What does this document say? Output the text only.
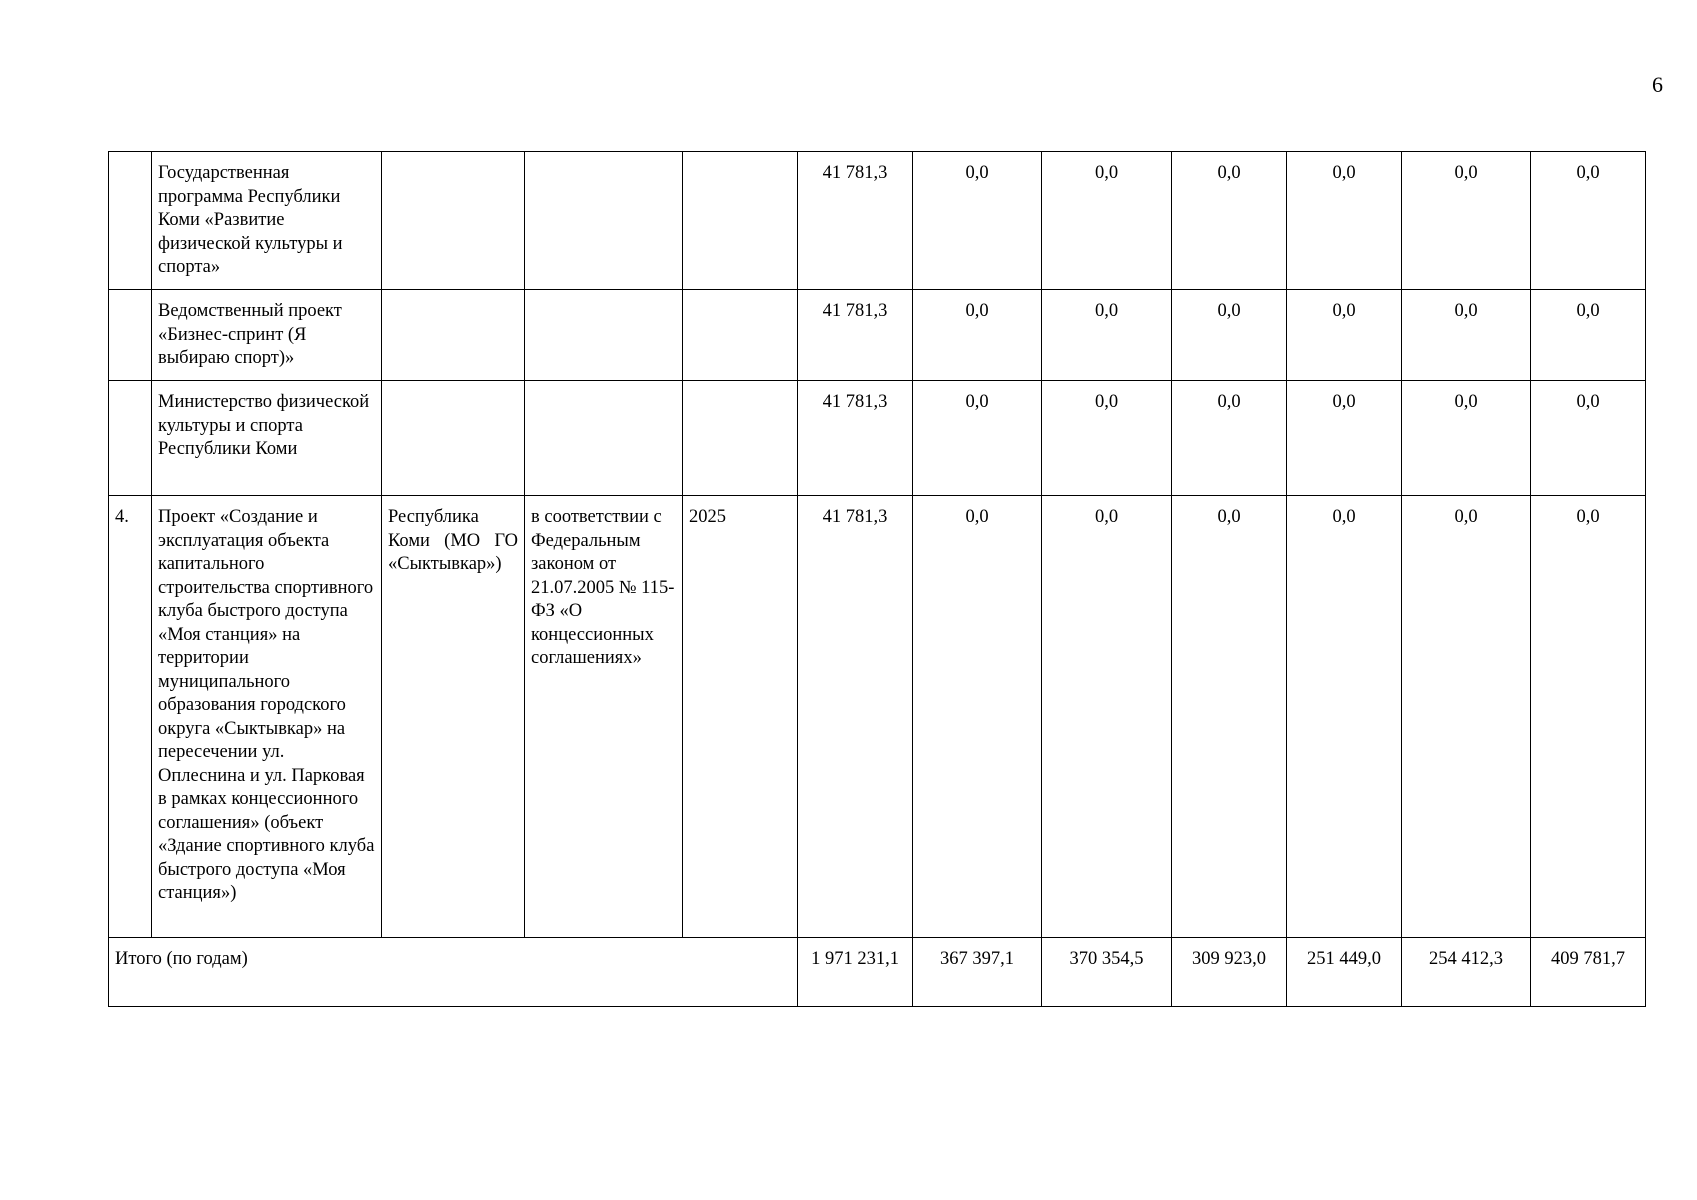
6
	Государственная программа Республики Коми «Развитие физической культуры и спорта»				41 781,3	0,0	0,0	0,0	0,0	0,0	0,0
	Ведомственный проект «Бизнес-спринт (Я выбираю спорт)»				41 781,3	0,0	0,0	0,0	0,0	0,0	0,0
	Министерство физической культуры и спорта Республики Коми				41 781,3	0,0	0,0	0,0	0,0	0,0	0,0
4.	Проект «Создание и эксплуатация объекта капитального строительства спортивного клуба быстрого доступа «Моя станция» на территории муниципального образования городского округа «Сыктывкар» на пересечении ул. Оплеснина и ул. Парковая в рамках концессионного соглашения» (объект «Здание спортивного клуба быстрого доступа «Моя станция»)	Республика Коми (МО ГО «Сыктывкар»)	в соответствии с Федеральным законом от 21.07.2005 № 115-ФЗ «О концессионных соглашениях»	2025	41 781,3	0,0	0,0	0,0	0,0	0,0	0,0
Итого (по годам)					1 971 231,1	367 397,1	370 354,5	309 923,0	251 449,0	254 412,3	409 781,7
